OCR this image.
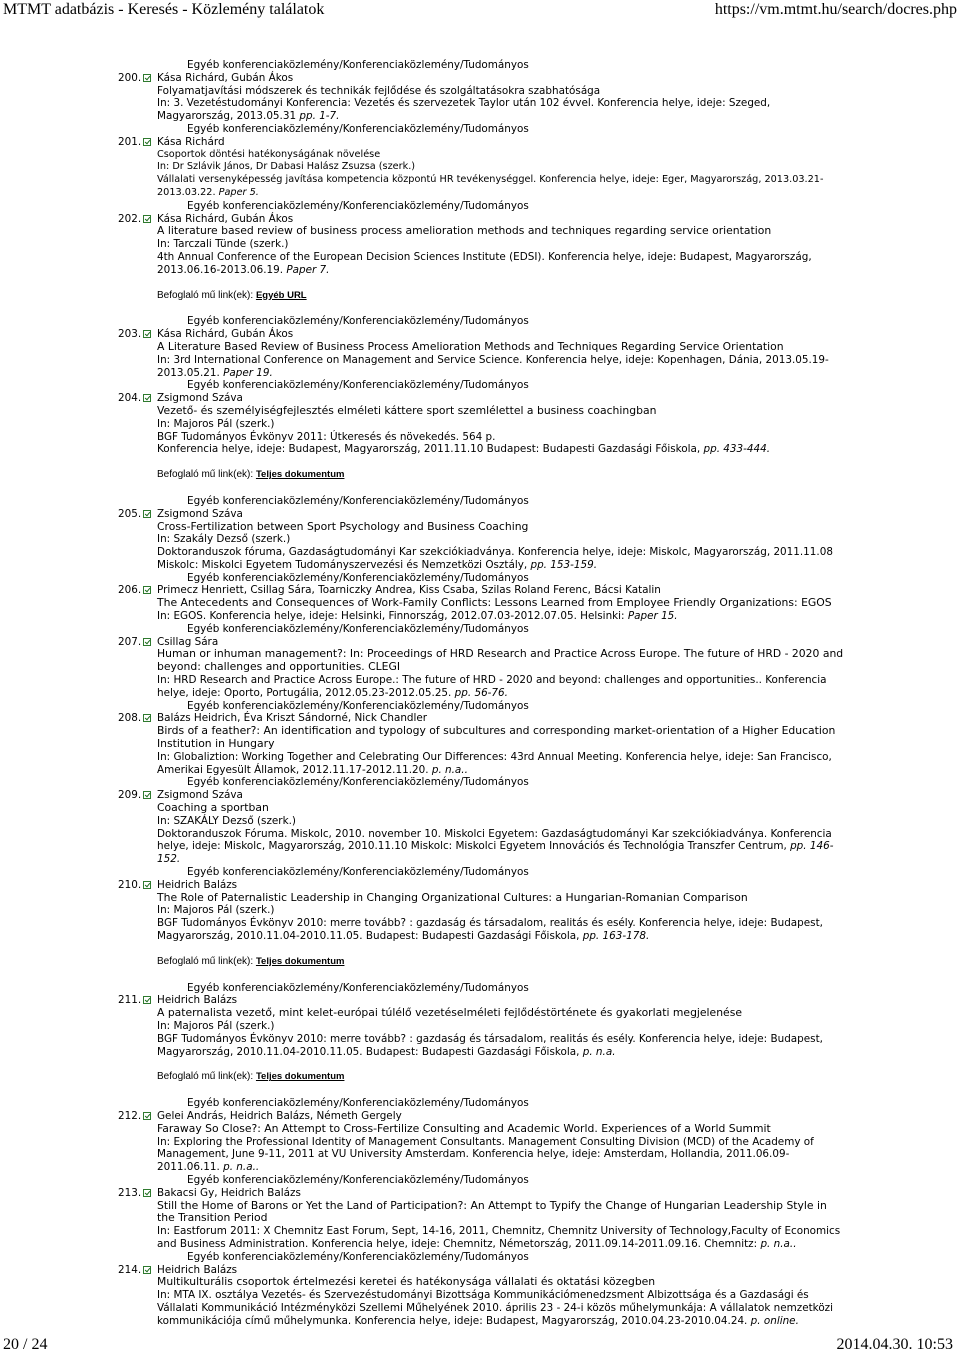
MTMT adatbázis - Keresés - Közlemény találatok	https://vm.mtmt.hu/search/docres.php
Egyéb konferenciaközlemény/Konferenciaközlemény/Tudományos
200. Kása Richárd, Gubán Ákos
Folyamatjavítási módszerek és technikák fejlődése és szolgáltatásokra szabhatósága
In: 3. Vezetéstudományi Konferencia: Vezetés és szervezetek Taylor után 102 évvel. Konferencia helye, ideje: Szeged, Magyarország, 2013.05.31 pp. 1-7.
Egyéb konferenciaközlemény/Konferenciaközlemény/Tudományos
201. Kása Richárd
Csoportok döntési hatékonyságának növelése
In: Dr Szlávik János, Dr Dabasi Halász Zsuzsa (szerk.)
Vállalati versenyképesség javítása kompetencia központú HR tevékenységgel. Konferencia helye, ideje: Eger, Magyarország, 2013.03.21-2013.03.22. Paper 5.
Egyéb konferenciaközlemény/Konferenciaközlemény/Tudományos
202. Kása Richárd, Gubán Ákos
A literature based review of business process amelioration methods and techniques regarding service orientation
In: Tarczali Tünde (szerk.)
4th Annual Conference of the European Decision Sciences Institute (EDSI). Konferencia helye, ideje: Budapest, Magyarország, 2013.06.16-2013.06.19. Paper 7.
Befoglaló mű link(ek): Egyéb URL
Egyéb konferenciaközlemény/Konferenciaközlemény/Tudományos
203. Kása Richárd, Gubán Ákos
A Literature Based Review of Business Process Amelioration Methods and Techniques Regarding Service Orientation
In: 3rd International Conference on Management and Service Science. Konferencia helye, ideje: Kopenhagen, Dánia, 2013.05.19-2013.05.21. Paper 19.
Egyéb konferenciaközlemény/Konferenciaközlemény/Tudományos
204. Zsigmond Száva
Vezető- és személyiségfejlesztés elméleti káttere sport szemlélettel a business coachingban
In: Majoros Pál (szerk.)
BGF Tudományos Évkönyv 2011: Útkeresés és növekedés. 564 p.
Konferencia helye, ideje: Budapest, Magyarország, 2011.11.10 Budapest: Budapesti Gazdasági Főiskola, pp. 433-444.
Befoglaló mű link(ek): Teljes dokumentum
Egyéb konferenciaközlemény/Konferenciaközlemény/Tudományos
205. Zsigmond Száva
Cross-Fertilization between Sport Psychology and Business Coaching
In: Szakály Dezső (szerk.)
Doktoranduszok fóruma, Gazdaságtudományi Kar szekciókiadványa. Konferencia helye, ideje: Miskolc, Magyarország, 2011.11.08 Miskolc: Miskolci Egyetem Tudományszervezési és Nemzetközi Osztály, pp. 153-159.
Egyéb konferenciaközlemény/Konferenciaközlemény/Tudományos
206. Primecz Henriett, Csillag Sára, Toarniczky Andrea, Kiss Csaba, Szilas Roland Ferenc, Bácsi Katalin
The Antecedents and Consequences of Work-Family Conflicts: Lessons Learned from Employee Friendly Organizations: EGOS
In: EGOS. Konferencia helye, ideje: Helsinki, Finnország, 2012.07.03-2012.07.05. Helsinki: Paper 15.
Egyéb konferenciaközlemény/Konferenciaközlemény/Tudományos
207. Csillag Sára
Human or inhuman management?: In: Proceedings of HRD Research and Practice Across Europe. The future of HRD - 2020 and beyond: challenges and opportunities. CLEGI
In: HRD Research and Practice Across Europe.: The future of HRD - 2020 and beyond: challenges and opportunities.. Konferencia helye, ideje: Oporto, Portugália, 2012.05.23-2012.05.25. pp. 56-76.
Egyéb konferenciaközlemény/Konferenciaközlemény/Tudományos
208. Balázs Heidrich, Éva Kriszt Sándorné, Nick Chandler
Birds of a feather?: An identification and typology of subcultures and corresponding market-orientation of a Higher Education Institution in Hungary
In: Globaliztion: Working Together and Celebrating Our Differences: 43rd Annual Meeting. Konferencia helye, ideje: San Francisco, Amerikai Egyesült Államok, 2012.11.17-2012.11.20. p. n.a..
Egyéb konferenciaközlemény/Konferenciaközlemény/Tudományos
209. Zsigmond Száva
Coaching a sportban
In: SZAKÁLY Dezső (szerk.)
Doktoranduszok Fóruma. Miskolc, 2010. november 10. Miskolci Egyetem: Gazdaságtudományi Kar szekciókiadványa. Konferencia helye, ideje: Miskolc, Magyarország, 2010.11.10 Miskolc: Miskolci Egyetem Innovációs és Technológia Transzfer Centrum, pp. 146-152.
Egyéb konferenciaközlemény/Konferenciaközlemény/Tudományos
210. Heidrich Balázs
The Role of Paternalistic Leadership in Changing Organizational Cultures: a Hungarian-Romanian Comparison
In: Majoros Pál (szerk.)
BGF Tudományos Évkönyv 2010: merre tovább? : gazdaság és társadalom, realitás és esély. Konferencia helye, ideje: Budapest, Magyarország, 2010.11.04-2010.11.05. Budapest: Budapesti Gazdasági Főiskola, pp. 163-178.
Befoglaló mű link(ek): Teljes dokumentum
Egyéb konferenciaközlemény/Konferenciaközlemény/Tudományos
211. Heidrich Balázs
A paternalista vezető, mint kelet-európai túlélő vezetéselméleti fejlődéstörténete és gyakorlati megjelenése
In: Majoros Pál (szerk.)
BGF Tudományos Évkönyv 2010: merre tovább? : gazdaság és társadalom, realitás és esély. Konferencia helye, ideje: Budapest, Magyarország, 2010.11.04-2010.11.05. Budapest: Budapesti Gazdasági Főiskola, p. n.a.
Befoglaló mű link(ek): Teljes dokumentum
Egyéb konferenciaközlemény/Konferenciaközlemény/Tudományos
212. Gelei András, Heidrich Balázs, Németh Gergely
Faraway So Close?: An Attempt to Cross-Fertilize Consulting and Academic World. Experiences of a World Summit
In: Exploring the Professional Identity of Management Consultants. Management Consulting Division (MCD) of the Academy of Management, June 9-11, 2011 at VU University Amsterdam. Konferencia helye, ideje: Amsterdam, Hollandia, 2011.06.09-2011.06.11. p. n.a..
Egyéb konferenciaközlemény/Konferenciaközlemény/Tudományos
213. Bakacsi Gy, Heidrich Balázs
Still the Home of Barons or Yet the Land of Participation?: An Attempt to Typify the Change of Hungarian Leadership Style in the Transition Period
In: Eastforum 2011: X Chemnitz East Forum, Sept, 14-16, 2011, Chemnitz, Chemnitz University of Technology,Faculty of Economics and Business Administration. Konferencia helye, ideje: Chemnitz, Németország, 2011.09.14-2011.09.16. Chemnitz: p. n.a..
Egyéb konferenciaközlemény/Konferenciaközlemény/Tudományos
214. Heidrich Balázs
Multikulturális csoportok értelmezési keretei és hatékonysága vállalati és oktatási közegben
In: MTA IX. osztálya Vezetés- és Szervezéstudományi Bizottsága Kommunikációmenedzsment Albizottsága és a Gazdasági és Vállalati Kommunikáció Intézményközi Szellemi Műhelyének 2010. április 23 - 24-i közös műhelymunkája: A vállalatok nemzetközi kommunikációja című műhelymunka. Konferencia helye, ideje: Budapest, Magyarország, 2010.04.23-2010.04.24. p. online.
20 / 24	2014.04.30. 10:53
